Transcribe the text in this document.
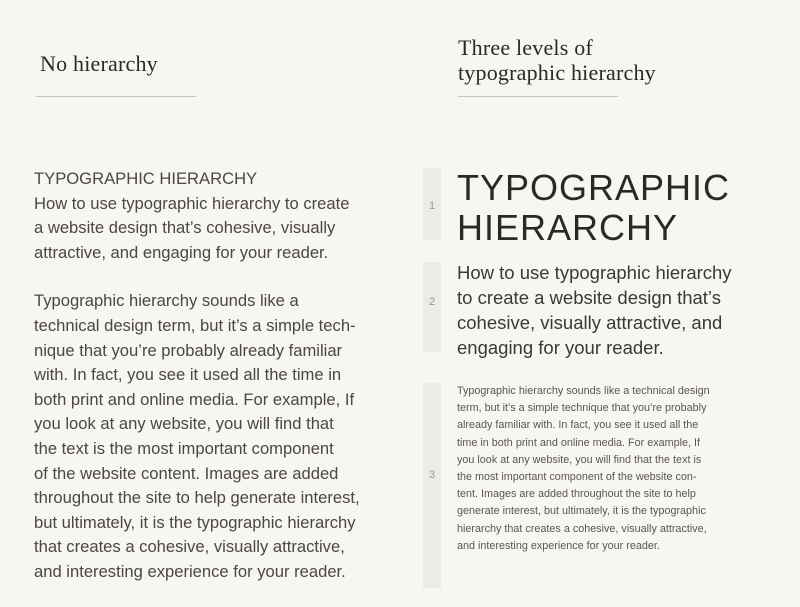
No hierarchy
TYPOGRAPHIC HIERARCHY
How to use typographic hierarchy to create
a website design that’s cohesive, visually
attractive, and engaging for your reader.
Typographic hierarchy sounds like a
technical design term, but it’s a simple tech-
nique that you’re probably already familiar
with. In fact, you see it used all the time in
both print and online media. For example, If
you look at any website, you will find that
the text is the most important component
of the website content. Images are added
throughout the site to help generate interest,
but ultimately, it is the typographic hierarchy
that creates a cohesive, visually attractive,
and interesting experience for your reader.
Three levels of
typographic hierarchy
1
2
3
TYPOGRAPHIC
HIERARCHY
How to use typographic hierarchy
to create a website design that’s
cohesive, visually attractive, and
engaging for your reader.
Typographic hierarchy sounds like a technical design
term, but it’s a simple technique that you’re probably
already familiar with. In fact, you see it used all the
time in both print and online media. For example, If
you look at any website, you will find that the text is
the most important component of the website con-
tent. Images are added throughout the site to help
generate interest, but ultimately, it is the typographic
hierarchy that creates a cohesive, visually attractive,
and interesting experience for your reader.
